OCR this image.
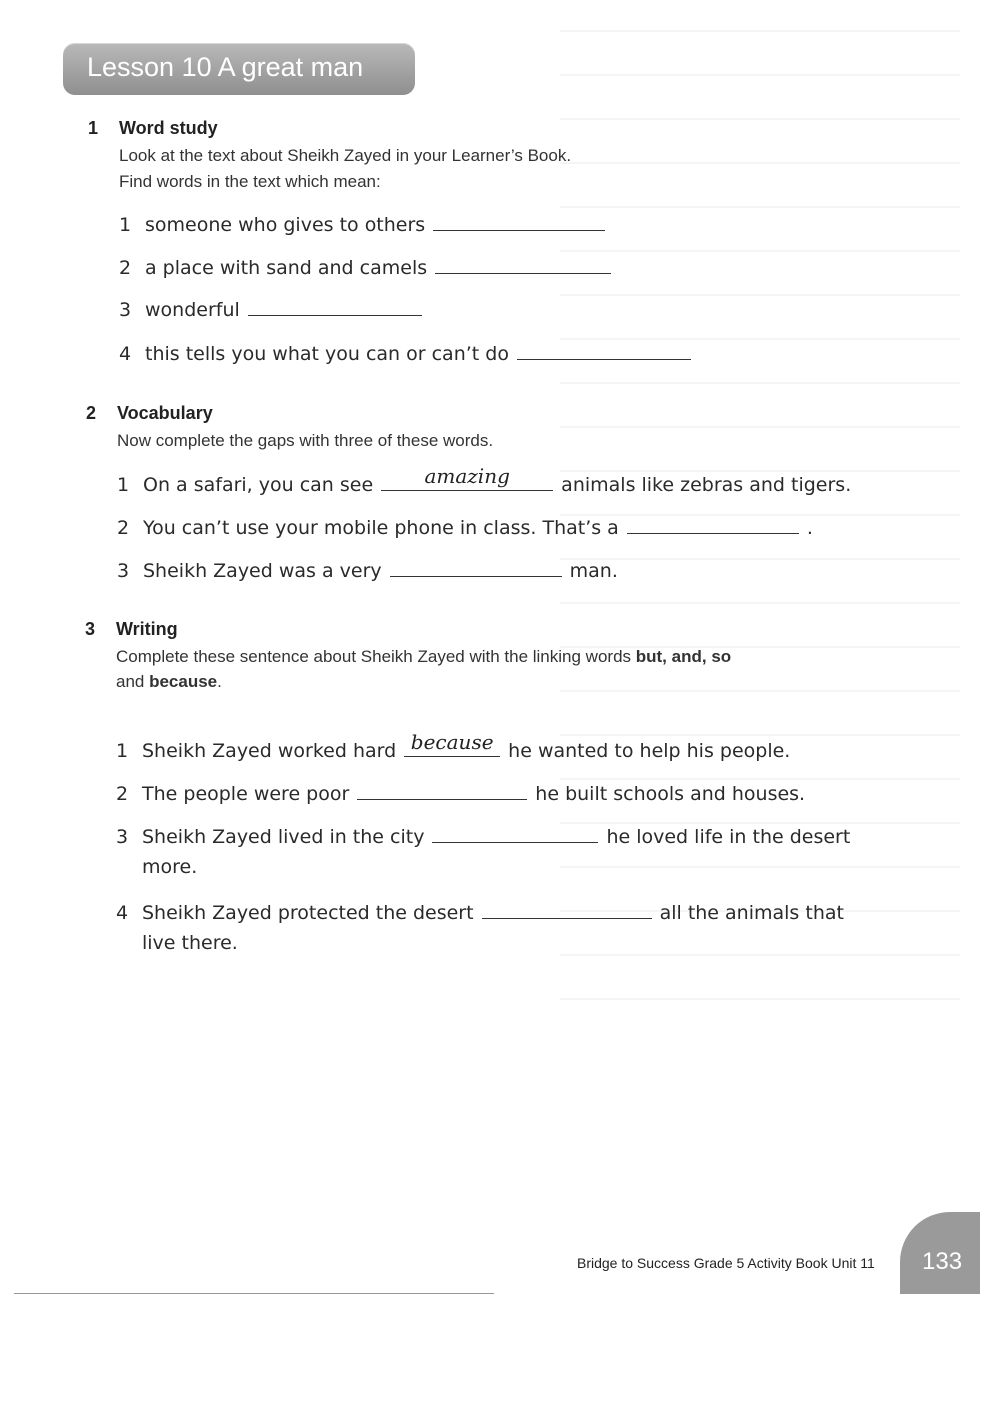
Lesson 10 A great man
1 Word study
Look at the text about Sheikh Zayed in your Learner’s Book.
Find words in the text which mean:
1 someone who gives to others
2 a place with sand and camels
3 wonderful
4 this tells you what you can or can’t do
2 Vocabulary
Now complete the gaps with three of these words.
1 On a safari, you can see	amazing	animals like zebras and tigers.
2 You can’t use your mobile phone in class. That’s a	.
3 Sheikh Zayed was a very	man.
3 Writing
Complete these sentence about Sheikh Zayed with the linking words but, and, so
and because.
1 Sheikh Zayed worked hard because he wanted to help his people.
2 The people were poor	he built schools and houses.
3 Sheikh Zayed lived in the city	he loved life in the desert
more.
4 Sheikh Zayed protected the desert	all the animals that
live there.
Bridge to Success Grade 5 Activity Book Unit 11 133
